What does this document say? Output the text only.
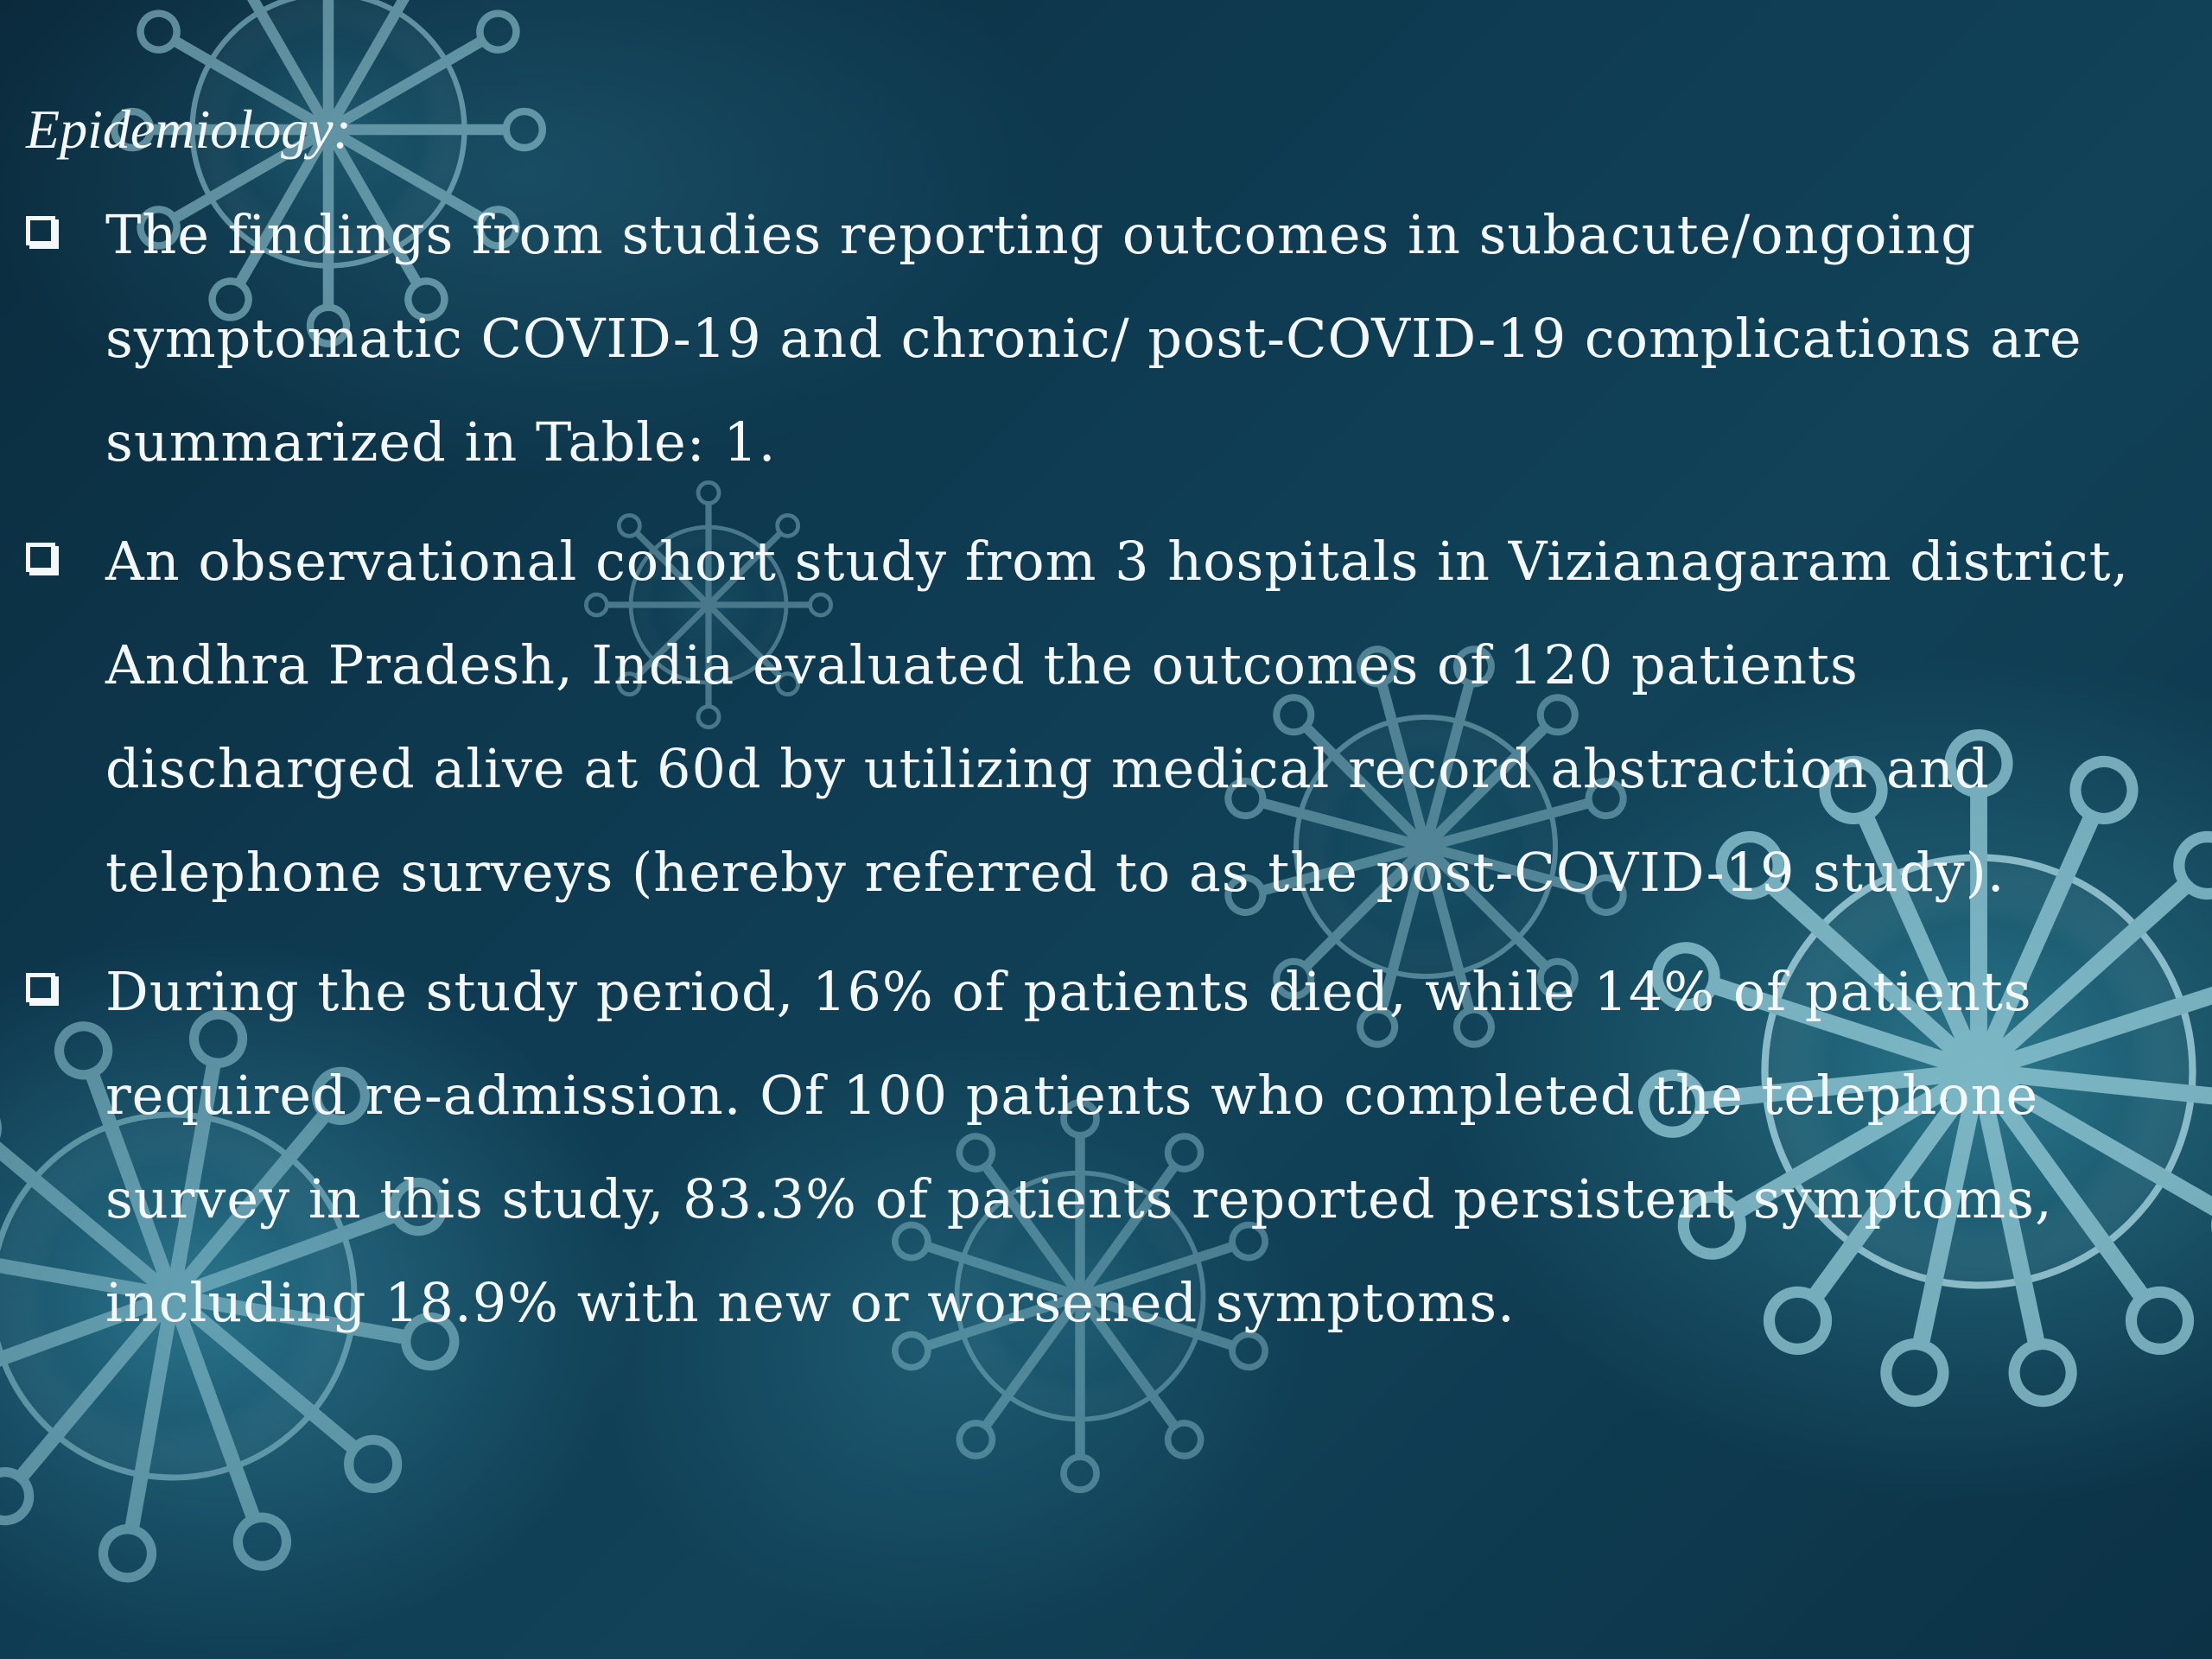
Epidemiology:
The findings from studies reporting outcomes in subacute/ongoing symptomatic COVID-19 and chronic/ post-COVID-19 complications are summarized in Table: 1.
An observational cohort study from 3 hospitals in Vizianagaram district, Andhra Pradesh, India evaluated the outcomes of 120 patients discharged alive at 60d by utilizing medical record abstraction and telephone surveys (hereby referred to as the post-COVID-19 study).
During the study period, 16% of patients died, while 14% of patients required re-admission. Of 100 patients who completed the telephone survey in this study, 83.3% of patients reported persistent symptoms, including 18.9% with new or worsened symptoms.
